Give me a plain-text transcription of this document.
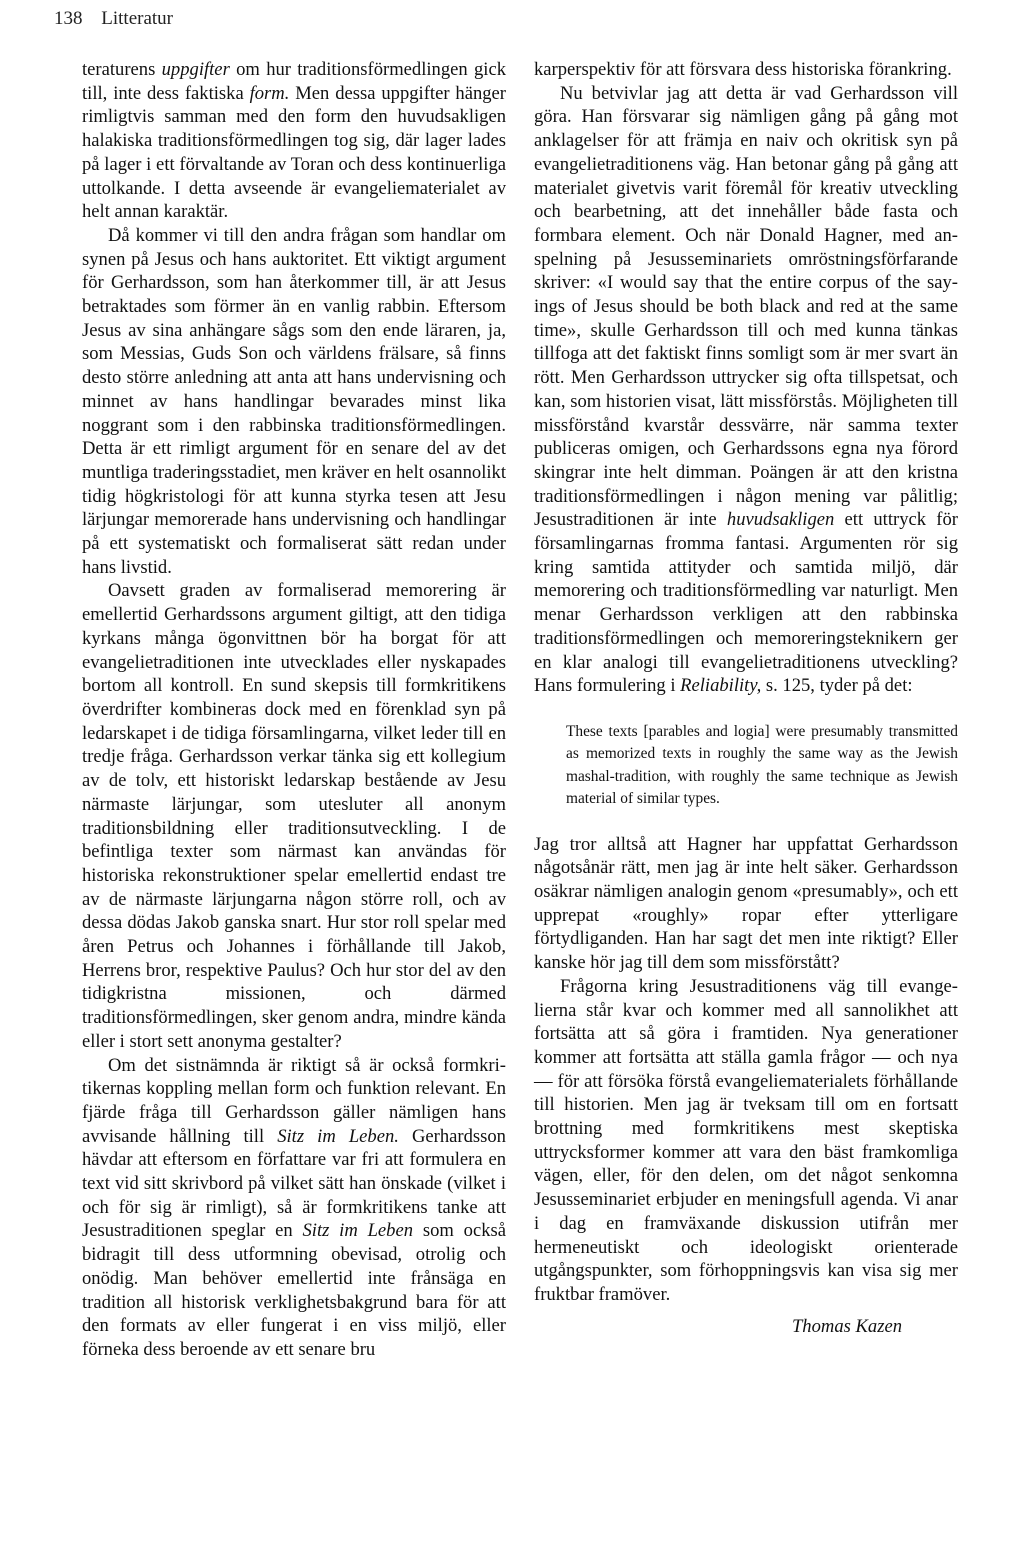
138 Litteratur

teraturens uppgifter om hur traditionsförmedlingen gick till, inte dess faktiska form. Men dessa uppgifter hänger rimligtvis samman med den form den huvudsakligen halakiska traditionsförmedlingen tog sig, där lager lades på lager i ett förvaltande av Toran och dess kontinuerliga uttolkande. I detta avseende är evangeliematerialet av helt annan karaktär.

Då kommer vi till den andra frågan som handlar om synen på Jesus och hans auktoritet. Ett viktigt argument för Gerhardsson, som han återkommer till, är att Jesus betraktades som förmer än en vanlig rabbin. Eftersom Jesus av sina anhängare sågs som den ende läraren, ja, som Messias, Guds Son och världens frälsare, så finns desto större anledning att anta att hans undervisning och minnet av hans handlingar bevarades minst lika noggrant som i den rabbinska traditionsförmedlingen. Detta är ett rimligt argument för en senare del av det muntliga traderingsstadiet, men kräver en helt osannolikt tidig högkristologi för att kunna styrka tesen att Jesu lärjungar memorerade hans undervisning och handlingar på ett systematiskt och formaliserat sätt redan under hans livstid.

Oavsett graden av formaliserad memorering är emellertid Gerhardssons argument giltigt, att den tidiga kyrkans många ögonvittnen bör ha borgat för att evangelietraditionen inte utvecklades eller nyskapades bortom all kontroll. En sund skepsis till formkritikens överdrifter kombineras dock med en förenklad syn på ledarskapet i de tidiga församlingarna, vilket leder till en tredje fråga. Gerhardsson verkar tänka sig ett kollegium av de tolv, ett historiskt ledarskap bestående av Jesu närmaste lärjungar, som utesluter all anonym traditionsbildning eller traditionsutveckling. I de befintliga texter som närmast kan användas för historiska rekonstruktioner spelar emellertid endast tre av de närmaste lärjungarna någon större roll, och av dessa dödas Jakob ganska snart. Hur stor roll spelar med åren Petrus och Johannes i förhållande till Jakob, Herrens bror, respektive Paulus? Och hur stor del av den tidigkristna missionen, och därmed traditionsförmedlingen, sker genom andra, mindre kända eller i stort sett anonyma gestalter?

Om det sistnämnda är riktigt så är också formkritikernas koppling mellan form och funktion relevant. En fjärde fråga till Gerhardsson gäller nämligen hans avvisande hållning till Sitz im Leben. Gerhardsson hävdar att eftersom en författare var fri att formulera en text vid sitt skrivbord på vilket sätt han önskade (vilket i och för sig är rimligt), så är formkritikens tanke att Jesustraditionen speglar en Sitz im Leben som också bidragit till dess utformning obevisad, otrolig och onödig. Man behöver emellertid inte frånsäga en tradition all historisk verklighetsbakgrund bara för att den formats av eller fungerat i en viss miljö, eller förneka dess beroende av ett senare bru

karperspektiv för att försvara dess historiska förankring.

Nu betvivlar jag att detta är vad Gerhardsson vill göra. Han försvarar sig nämligen gång på gång mot anklagelser för att främja en naiv och okritisk syn på evangelietraditionens väg. Han betonar gång på gång att materialet givetvis varit föremål för kreativ utveckling och bearbetning, att det innehåller både fasta och formbara element. Och när Donald Hagner, med anspelning på Jesusseminariets omröstningsförfarande skriver: «I would say that the entire corpus of the sayings of Jesus should be both black and red at the same time», skulle Gerhardsson till och med kunna tänkas tillfoga att det faktiskt finns somligt som är mer svart än rött. Men Gerhardsson uttrycker sig ofta tillspetsat, och kan, som historien visat, lätt missförstås. Möjligheten till missförstånd kvarstår dessvärre, när samma texter publiceras omigen, och Gerhardssons egna nya förord skingrar inte helt dimman. Poängen är att den kristna traditionsförmedlingen i någon mening var pålitlig; Jesustraditionen är inte huvudsakligen ett uttryck för församlingarnas fromma fantasi. Argumenten rör sig kring samtida attityder och samtida miljö, där memorering och traditionsförmedling var naturligt. Men menar Gerhardsson verkligen att den rabbinska traditionsförmedlingen och memoreringsteknikern ger en klar analogi till evangelietraditionens utveckling? Hans formulering i Reliability, s. 125, tyder på det:

These texts [parables and logia] were presumably transmitted as memorized texts in roughly the same way as the Jewish mashal-tradition, with roughly the same technique as Jewish material of similar types.

Jag tror alltså att Hagner har uppfattat Gerhardsson någotsånär rätt, men jag är inte helt säker. Gerhardsson osäkrar nämligen analogin genom «presumably», och ett upprepat «roughly» ropar efter ytterligare förtydliganden. Han har sagt det men inte riktigt? Eller kanske hör jag till dem som missförstått?

Frågorna kring Jesustraditionens väg till evangelierna står kvar och kommer med all sannolikhet att fortsätta att så göra i framtiden. Nya generationer kommer att fortsätta att ställa gamla frågor — och nya — för att försöka förstå evangeliematerialets förhållande till historien. Men jag är tveksam till om en fortsatt brottning med formkritikens mest skeptiska uttrycksformer kommer att vara den bäst framkomliga vägen, eller, för den delen, om det något senkomna Jesusseminariet erbjuder en meningsfull agenda. Vi anar i dag en framväxande diskussion utifrån mer hermeneutiskt och ideologiskt orienterade utgångspunkter, som förhoppningsvis kan visa sig mer fruktbar framöver.

Thomas Kazen
